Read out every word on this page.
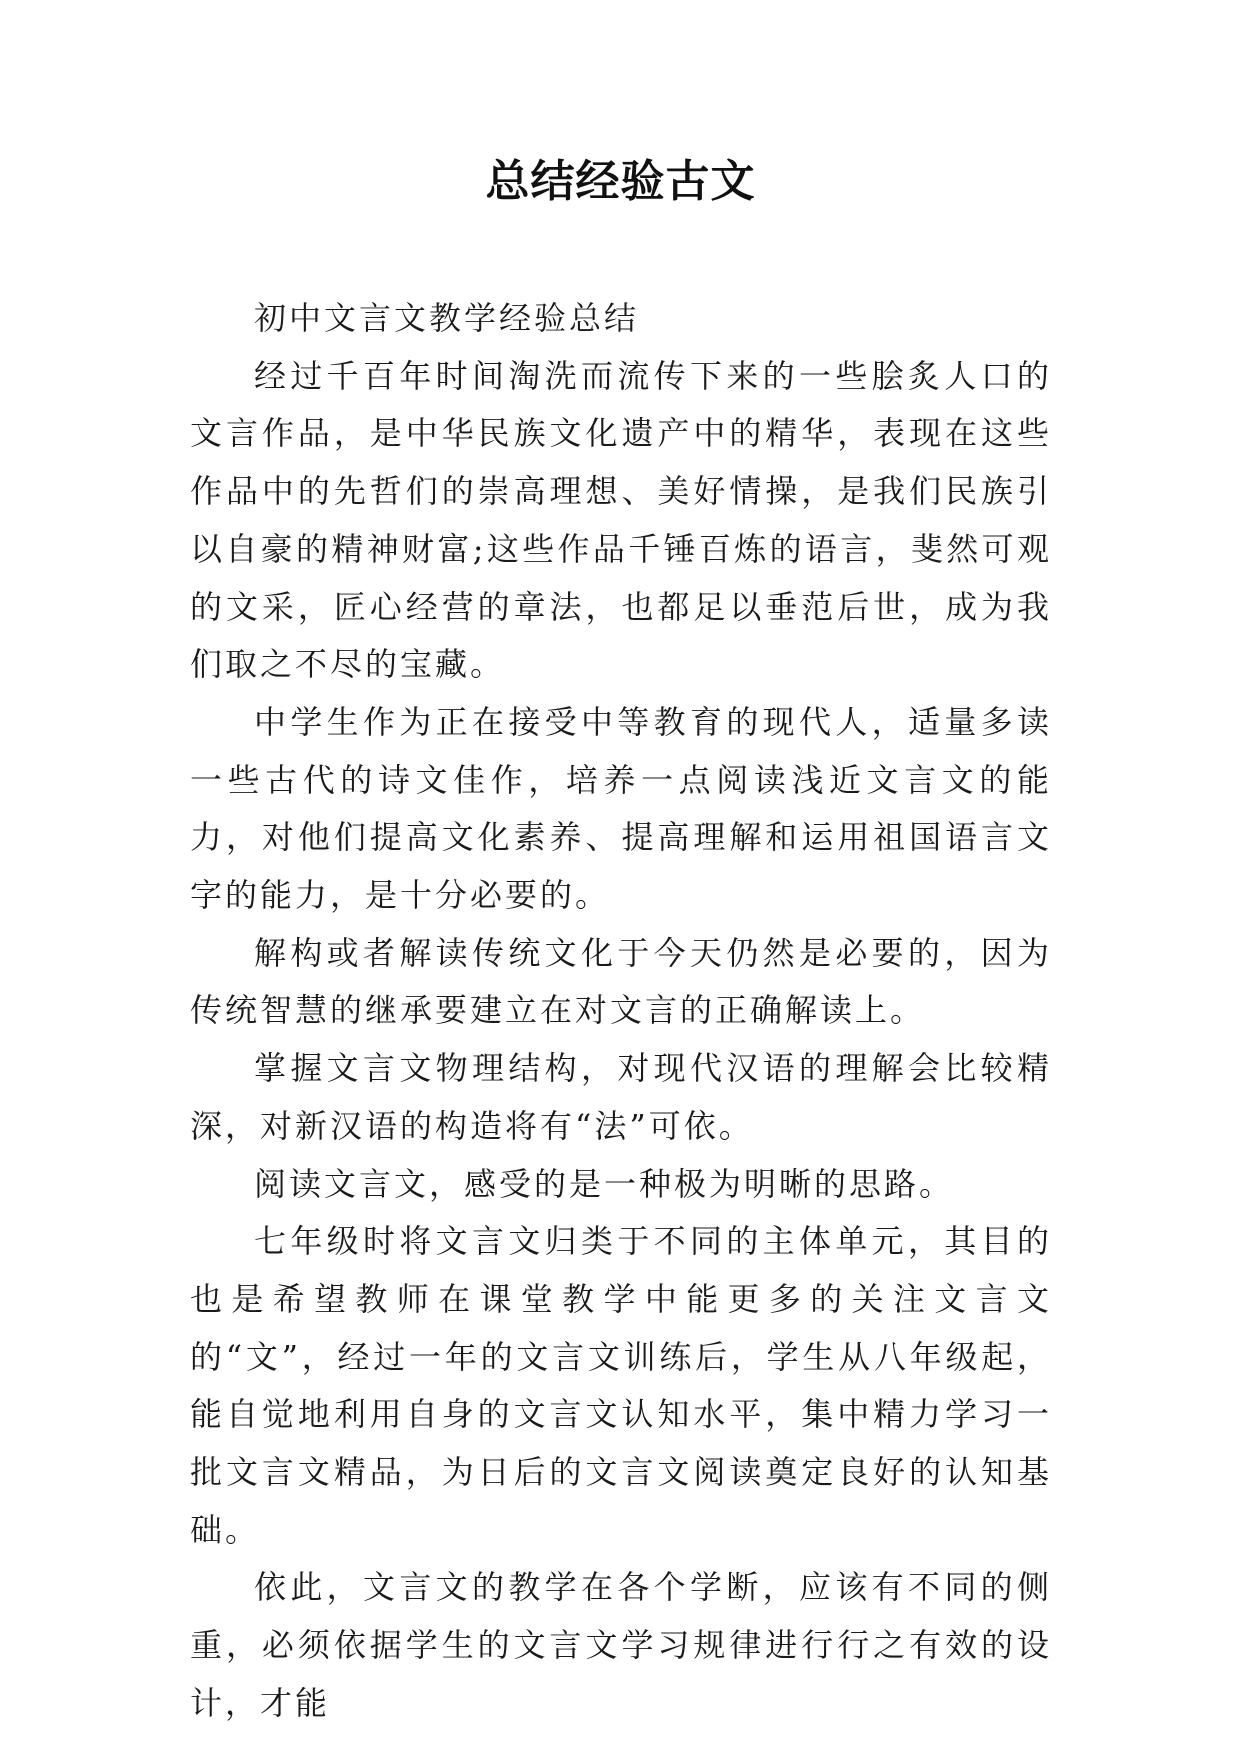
总结经验古文

初中文言文教学经验总结

经过千百年时间淘洗而流传下来的一些脍炙人口的文言作品，是中华民族文化遗产中的精华，表现在这些作品中的先哲们的崇高理想、美好情操，是我们民族引以自豪的精神财富;这些作品千锤百炼的语言，斐然可观的文采，匠心经营的章法，也都足以垂范后世，成为我们取之不尽的宝藏。

中学生作为正在接受中等教育的现代人，适量多读一些古代的诗文佳作，培养一点阅读浅近文言文的能力，对他们提高文化素养、提高理解和运用祖国语言文字的能力，是十分必要的。

解构或者解读传统文化于今天仍然是必要的，因为传统智慧的继承要建立在对文言的正确解读上。

掌握文言文物理结构，对现代汉语的理解会比较精深，对新汉语的构造将有“法”可依。

阅读文言文，感受的是一种极为明晰的思路。

七年级时将文言文归类于不同的主体单元，其目的也是希望教师在课堂教学中能更多的关注文言文的“文”，经过一年的文言文训练后，学生从八年级起，能自觉地利用自身的文言文认知水平，集中精力学习一批文言文精品，为日后的文言文阅读奠定良好的认知基础。

依此，文言文的教学在各个学断，应该有不同的侧重，必须依据学生的文言文学习规律进行行之有效的设计，才能
